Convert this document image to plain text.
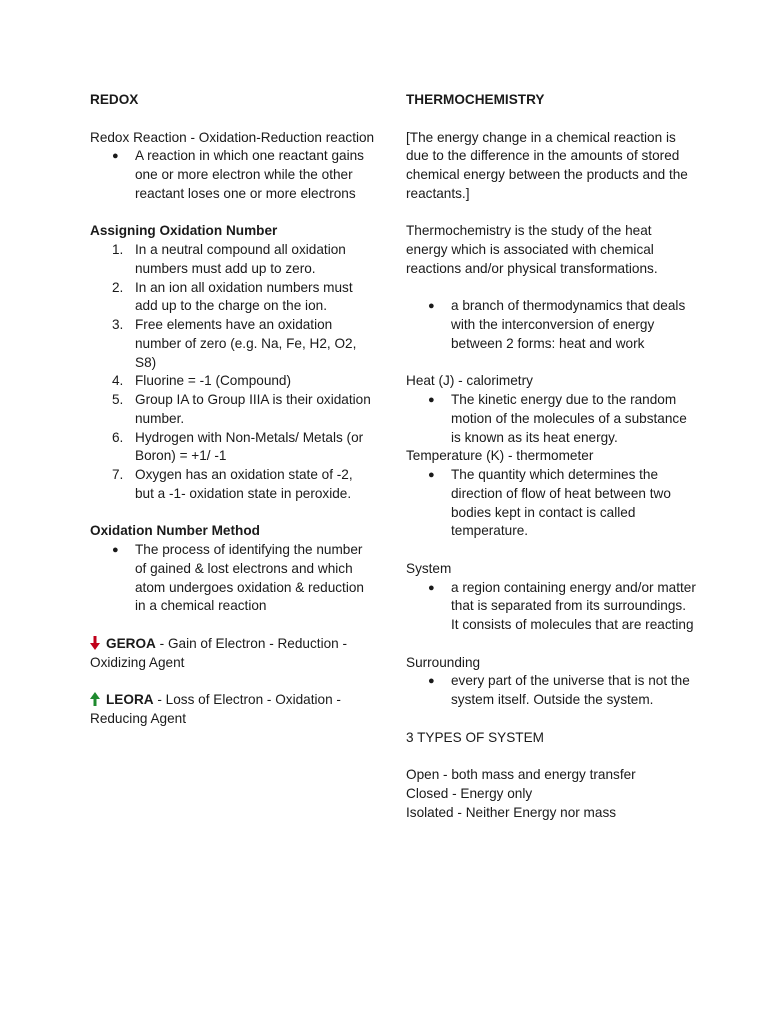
REDOX

Redox Reaction - Oxidation-Reduction reaction

● A reaction in which one reactant gains one or more electron while the other reactant loses one or more electrons

Assigning Oxidation Number

1. In a neutral compound all oxidation numbers must add up to zero.
2. In an ion all oxidation numbers must add up to the charge on the ion.
3. Free elements have an oxidation number of zero (e.g. Na, Fe, H2, O2, S8)
4. Fluorine = -1 (Compound)
5. Group IA to Group IIIA is their oxidation number.
6. Hydrogen with Non-Metals/ Metals (or Boron) = +1/ -1
7. Oxygen has an oxidation state of -2, but a -1- oxidation state in peroxide.

Oxidation Number Method

● The process of identifying the number of gained & lost electrons and which atom undergoes oxidation & reduction in a chemical reaction

GEROA - Gain of Electron - Reduction - Oxidizing Agent

LEORA - Loss of Electron - Oxidation - Reducing Agent

THERMOCHEMISTRY

[The energy change in a chemical reaction is due to the difference in the amounts of stored chemical energy between the products and the reactants.]

Thermochemistry is the study of the heat energy which is associated with chemical reactions and/or physical transformations.

● a branch of thermodynamics that deals with the interconversion of energy between 2 forms: heat and work

Heat (J) - calorimetry

● The kinetic energy due to the random motion of the molecules of a substance is known as its heat energy.

Temperature (K) - thermometer

● The quantity which determines the direction of flow of heat between two bodies kept in contact is called temperature.

System

● a region containing energy and/or matter that is separated from its surroundings. It consists of molecules that are reacting

Surrounding

● every part of the universe that is not the system itself. Outside the system.

3 TYPES OF SYSTEM

Open - both mass and energy transfer

Closed - Energy only

Isolated - Neither Energy nor mass
